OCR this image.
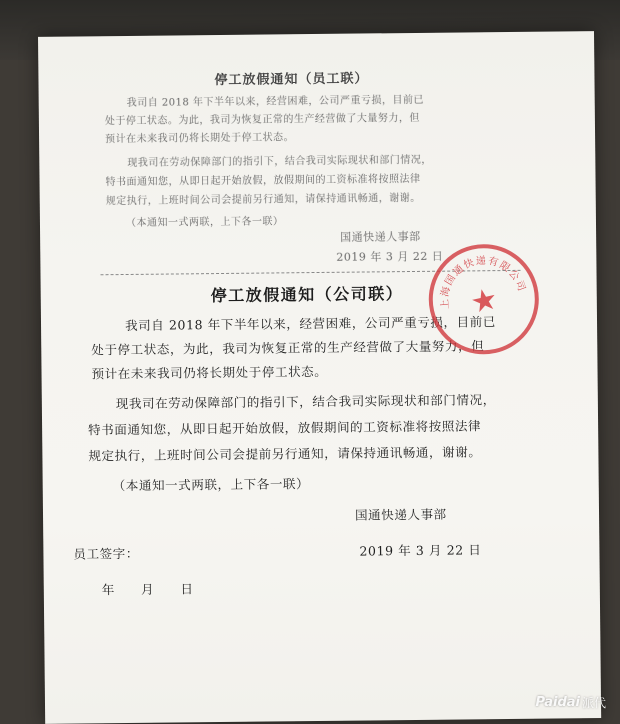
停工放假通知（员工联）
我司自 2018 年下半年以来，经营困难，公司严重亏损，目前已
处于停工状态。为此，我司为恢复正常的生产经营做了大量努力，但
预计在未来我司仍将长期处于停工状态。
现我司在劳动保障部门的指引下，结合我司实际现状和部门情况，
特书面通知您，从即日起开始放假，放假期间的工资标准将按照法律
规定执行，上班时间公司会提前另行通知，请保持通讯畅通，谢谢。
（本通知一式两联，上下各一联）
国通快递人事部
2019 年 3 月 22 日
停工放假通知（公司联）
我司自 2018 年下半年以来，经营困难，公司严重亏损，目前已
处于停工状态，为此，我司为恢复正常的生产经营做了大量努力，但
预计在未来我司仍将长期处于停工状态。
现我司在劳动保障部门的指引下，结合我司实际现状和部门情况，
特书面通知您，从即日起开始放假，放假期间的工资标准将按照法律
规定执行，上班时间公司会提前另行通知，请保持通讯畅通，谢谢。
（本通知一式两联，上下各一联）
国通快递人事部
员工签字：	2019 年 3 月 22 日
年　　月　　日
上海国通快递有限公司
★
Paidai 派代
